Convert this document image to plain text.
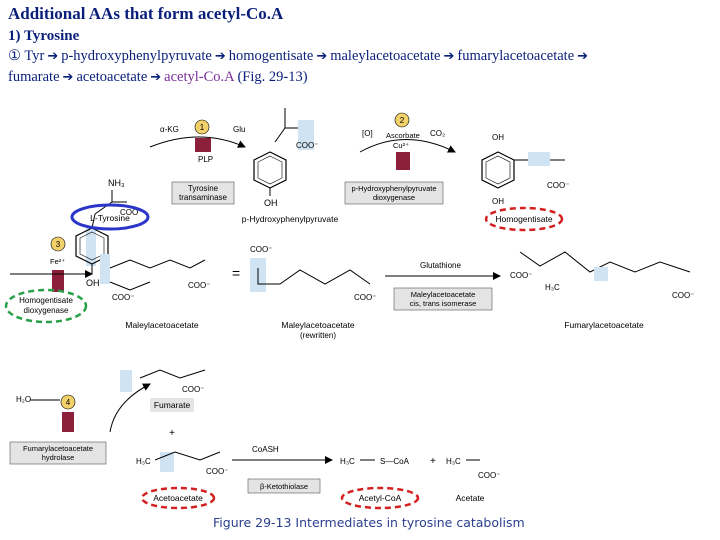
Additional AAs that form acetyl-Co.A
1) Tyrosine
① Tyr ➔ p-hydroxyphenylpyruvate ➔ homogentisate ➔ maleylacetoacetate ➔ fumarylacetoacetate ➔
fumarate ➔ acetoacetate ➔ acetyl-Co.A (Fig. 29-13)
NH₃
COO⁻
OH
L-Tyrosine
α-KG	Glu
1
PLP
Tyrosine
transaminase
COO⁻
OH
p-Hydroxyphenylpyruvate
[O]
2
Ascorbate
Cu²⁺
CO₂
p-Hydroxyphenylpyruvate
dioxygenase
OH
COO⁻
OH
Homogentisate
3
Fe²⁺
Homogentisate
dioxygenase
COO⁻
COO⁻
Maleylacetoacetate
=
COO⁻
COO⁻
Maleylacetoacetate
(rewritten)
Glutathione
Maleylacetoacetate
cis, trans isomerase
COO⁻
H₃C
COO⁻
Fumarylacetoacetate
COO⁻
Fumarate
+
H₂O	4
Fumarylacetoacetate
hydrolase	H₃C
COO⁻
Acetoacetate
CoASH
β-Ketothiolase
H₃C	S—CoA
Acetyl-CoA
+ H₃C
COO⁻
Acetate
Figure 29-13 Intermediates in tyrosine catabolism
